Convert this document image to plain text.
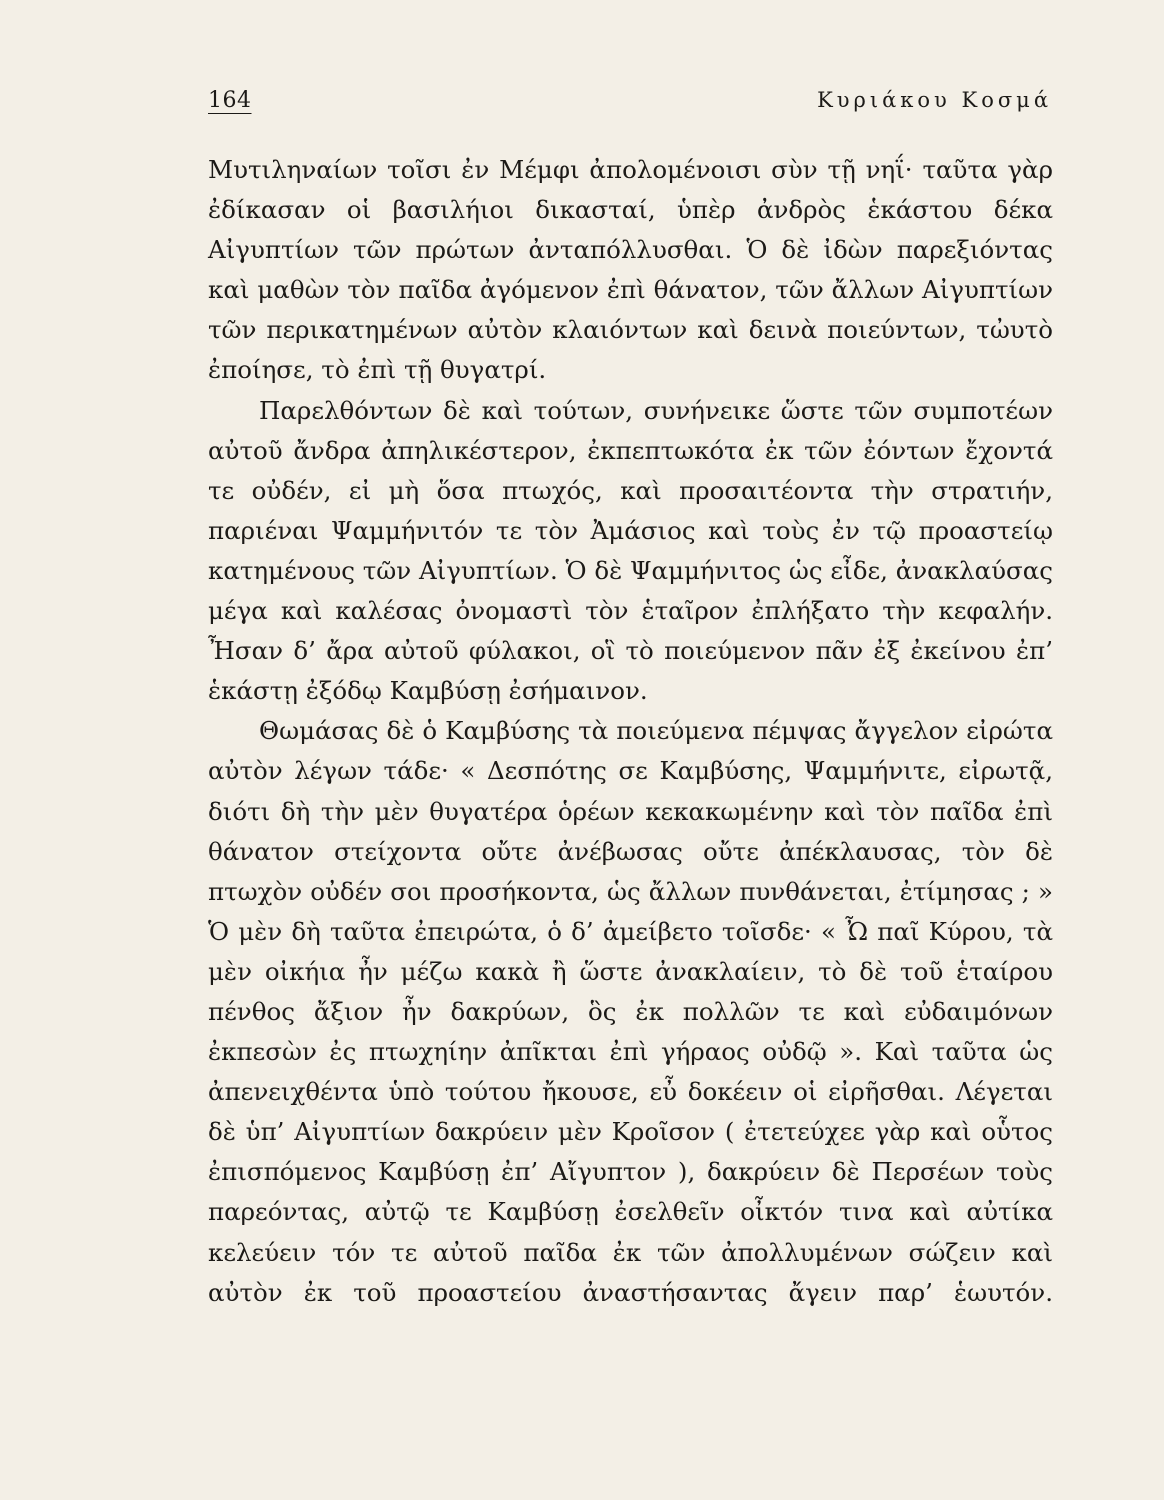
164	Κυριάκου Κοσμά

Μυτιληναίων τοῖσι ἐν Μέμφι ἀπολομένοισι σὺν τῇ νηΐ· ταῦτα γὰρ ἐδίκασαν οἱ βασιλήιοι δικασταί, ὑπὲρ ἀνδρὸς ἑκάστου δέκα Αἰγυπτίων τῶν πρώτων ἀνταπόλλυσθαι. Ὁ δὲ ἰδὼν παρεξιόντας καὶ μαθὼν τὸν παῖδα ἀγόμενον ἐπὶ θάνατον, τῶν ἄλλων Αἰγυπτίων τῶν περικατημένων αὐτὸν κλαιόντων καὶ δεινὰ ποιεύντων, τὠυτὸ ἐποίησε, τὸ ἐπὶ τῇ θυγατρί.

Παρελθόντων δὲ καὶ τούτων, συνήνεικε ὥστε τῶν συμποτέων αὐτοῦ ἄνδρα ἀπηλικέστερον, ἐκπεπτωκότα ἐκ τῶν ἐόντων ἔχοντά τε οὐδέν, εἰ μὴ ὅσα πτωχός, καὶ προσαιτέοντα τὴν στρατιήν, παριέναι Ψαμμήνιτόν τε τὸν Ἀμάσιος καὶ τοὺς ἐν τῷ προαστείῳ κατημένους τῶν Αἰγυπτίων. Ὁ δὲ Ψαμμήνιτος ὡς εἶδε, ἀνακλαύσας μέγα καὶ καλέσας ὀνομαστὶ τὸν ἑταῖρον ἐπλήξατο τὴν κεφαλήν. Ἦσαν δ’ ἄρα αὐτοῦ φύλακοι, οἳ τὸ ποιεύμενον πᾶν ἐξ ἐκείνου ἐπ’ ἑκάστῃ ἐξόδῳ Καμβύσῃ ἐσήμαινον.

Θωμάσας δὲ ὁ Καμβύσης τὰ ποιεύμενα πέμψας ἄγγελον εἰρώτα αὐτὸν λέγων τάδε· « Δεσπότης σε Καμβύσης, Ψαμμήνιτε, εἰρωτᾷ, διότι δὴ τὴν μὲν θυγατέρα ὁρέων κεκακωμένην καὶ τὸν παῖδα ἐπὶ θάνατον στείχοντα οὔτε ἀνέβωσας οὔτε ἀπέκλαυσας, τὸν δὲ πτωχὸν οὐδέν σοι προσήκοντα, ὡς ἄλλων πυνθάνεται, ἐτίμησας ; » Ὁ μὲν δὴ ταῦτα ἐπειρώτα, ὁ δ’ ἀμείβετο τοῖσδε· « Ὦ παῖ Κύρου, τὰ μὲν οἰκήια ἦν μέζω κακὰ ἢ ὥστε ἀνακλαίειν, τὸ δὲ τοῦ ἑταίρου πένθος ἄξιον ἦν δακρύων, ὃς ἐκ πολλῶν τε καὶ εὐδαιμόνων ἐκπεσὼν ἐς πτωχηίην ἀπῖκται ἐπὶ γήραος οὐδῷ ». Καὶ ταῦτα ὡς ἀπενειχθέντα ὑπὸ τούτου ἤκουσε, εὖ δοκέειν οἱ εἰρῆσθαι. Λέγεται δὲ ὑπ’ Αἰγυπτίων δακρύειν μὲν Κροῖσον ( ἐτετεύχεε γὰρ καὶ οὗτος ἐπισπόμενος Καμβύσῃ ἐπ’ Αἴγυπτον ), δακρύειν δὲ Περσέων τοὺς παρεόντας, αὐτῷ τε Καμβύσῃ ἐσελθεῖν οἶκτόν τινα καὶ αὐτίκα κελεύειν τόν τε αὐτοῦ παῖδα ἐκ τῶν ἀπολλυμένων σώζειν καὶ αὐτὸν ἐκ τοῦ προαστείου ἀναστήσαντας ἄγειν παρ’ ἑωυτόν.
